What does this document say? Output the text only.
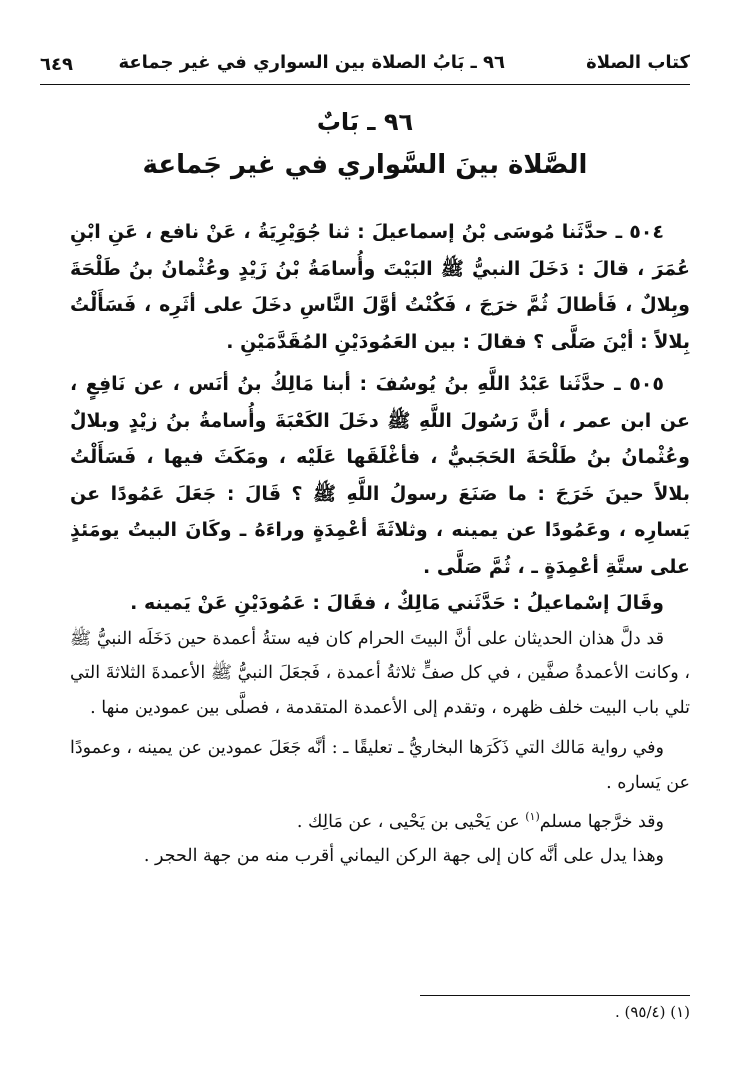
كتاب الصلاة
٩٦ ـ بَابُ الصلاة بين السواري في غير جماعة
٦٤٩
٩٦ ـ بَابٌ
الصَّلاة بينَ السَّواري في غير جَماعة

٥٠٤ ـ حدَّثَنا مُوسَى بْنُ إسماعيلَ : ثنا جُوَيْرِيَةُ ، عَنْ نافع ، عَنِ ابْنِ عُمَرَ ، قالَ : دَخَلَ النبيُّ ﷺ البَيْتَ وأُسامَةُ بْنُ زَيْدٍ وعُثْمانُ بنُ طَلْحَةَ وبِلالٌ ، فَأطالَ ثُمَّ خرَجَ ، فَكُنْتُ أوَّلَ النَّاسِ دخَلَ على أثَرِه ، فَسَأَلْتُ بِلالاً : أيْنَ صَلَّى ؟ فقالَ : بين العَمُودَيْنِ المُقَدَّمَيْنِ .

٥٠٥ ـ حدَّثَنا عَبْدُ اللَّهِ بنُ يُوسُفَ : أبنا مَالِكُ بنُ أنَس ، عن نَافِعٍ ، عن ابن عمر ، أنَّ رَسُولَ اللَّهِ ﷺ دخَلَ الكَعْبَةَ وأُسامةُ بنُ زيْدٍ وبلالٌ وعُثْمانُ بنُ طَلْحَةَ الحَجَبيُّ ، فأغْلَقَها عَلَيْه ، ومَكَثَ فيها ، فَسَأَلْتُ بلالاً حينَ خَرَجَ : ما صَنَعَ رسولُ اللَّهِ ﷺ ؟ قَالَ : جَعَلَ عَمُودًا عن يَسارِه ، وعَمُودًا عن يمينه ، وثلاثَةَ أعْمِدَةٍ وراءَهُ ـ وكَانَ البيتُ يومَئذٍ على ستَّةِ أعْمِدَةٍ ـ ، ثُمَّ صَلَّى .

وقَالَ إسْماعيلُ : حَدَّثَني مَالِكٌ ، فقَالَ : عَمُودَيْنِ عَنْ يَمينه .

قد دلَّ هذان الحديثان على أنَّ البيتَ الحرام كان فيه ستةُ أعمدة حين دَخَلَه النبيُّ ﷺ ، وكانت الأعمدةُ صفَّين ، في كل صفٍّ ثلاثةُ أعمدة ، فَجعَلَ النبيُّ ﷺ الأعمدةَ الثلاثةَ التي تلي باب البيت خلف ظهره ، وتقدم إلى الأعمدة المتقدمة ، فصلَّى بين عمودين منها .

وفي رواية مَالك التي ذَكَرَها البخاريُّ ـ تعليقًا ـ : أنَّه جَعَلَ عمودين عن يمينه ، وعمودًا عن يَساره .

وقد خرَّجها مسلم$^{(١)}$ عن يَحْيى بن يَحْيى ، عن مَالِك .

وهذا يدل على أنَّه كان إلى جهة الركن اليماني أقرب منه من جهة الحجر .

(١) (٩٥/٤) .
